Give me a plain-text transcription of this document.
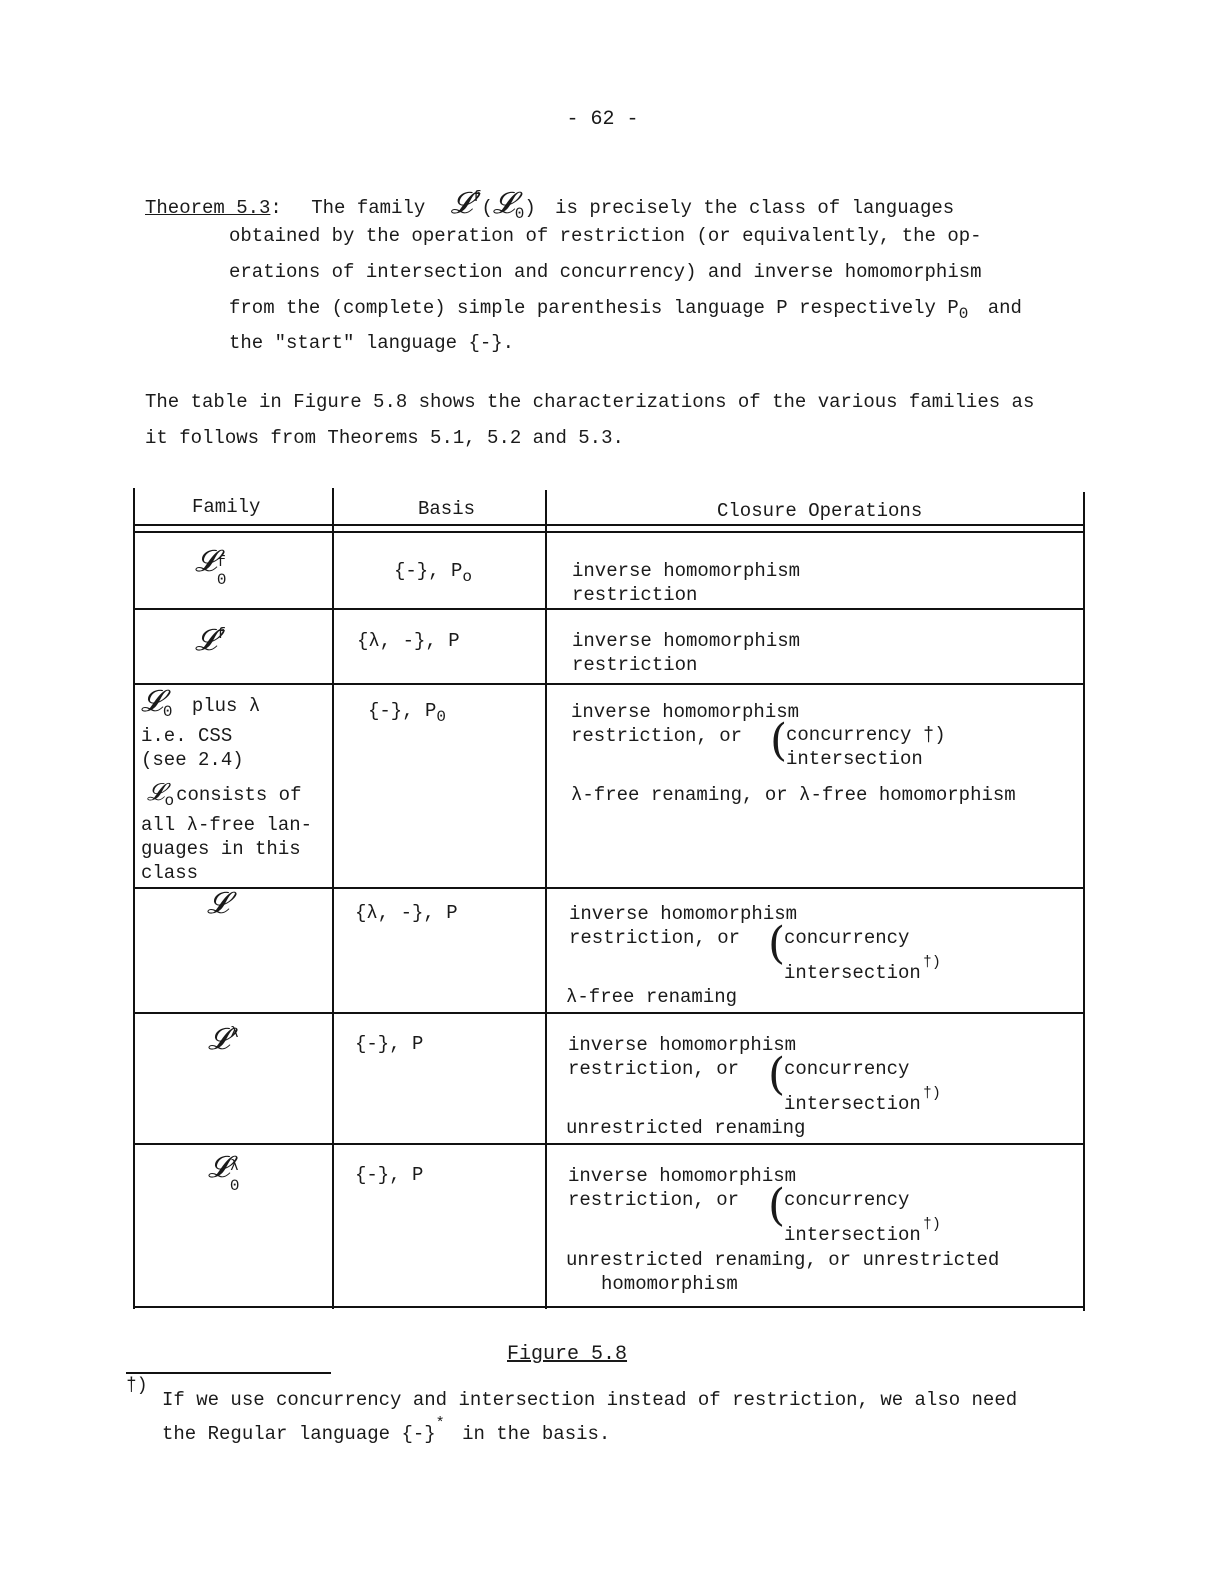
- 62 -
Theorem 5.3: The family 𝓛$^f$(𝓛$_0$) is precisely the class of languages
obtained by the operation of restriction (or equivalently, the op-
erations of intersection and concurrency) and inverse homomorphism
from the (complete) simple parenthesis language P respectively $P_0$ and
the "start" language {-}.
The table in Figure 5.8 shows the characterizations of the various families as
it follows from Theorems 5.1, 5.2 and 5.3.
Family	Basis	Closure Operations
𝓛 f
0	{-}, $P_o$	inverse homomorphism
restriction
𝓛$^f$	{λ, -}, P	inverse homomorphism
restriction
𝓛$_0$ plus λ
i.e. CSS
(see 2.4)
𝓛$_o$ consists of
all λ-free lan-
guages in this
class
{-}, $P_0$	inverse homomorphism
restriction, or (
concurrency †)
intersection
λ-free renaming, or λ-free homomorphism
𝓛	{λ, -}, P	inverse homomorphism
restriction, or (
concurrency
intersection †)
λ-free renaming
𝓛$^\lambda$	{-}, P	inverse homomorphism
restriction, or (
concurrency
intersection †)
unrestricted renaming
𝓛 λ
0	{-}, P	inverse homomorphism
restriction, or (
concurrency
intersection †)
unrestricted renaming, or unrestricted
homomorphism
Figure 5.8
†)
If we use concurrency and intersection instead of restriction, we also need
the Regular language {-}* in the basis.
